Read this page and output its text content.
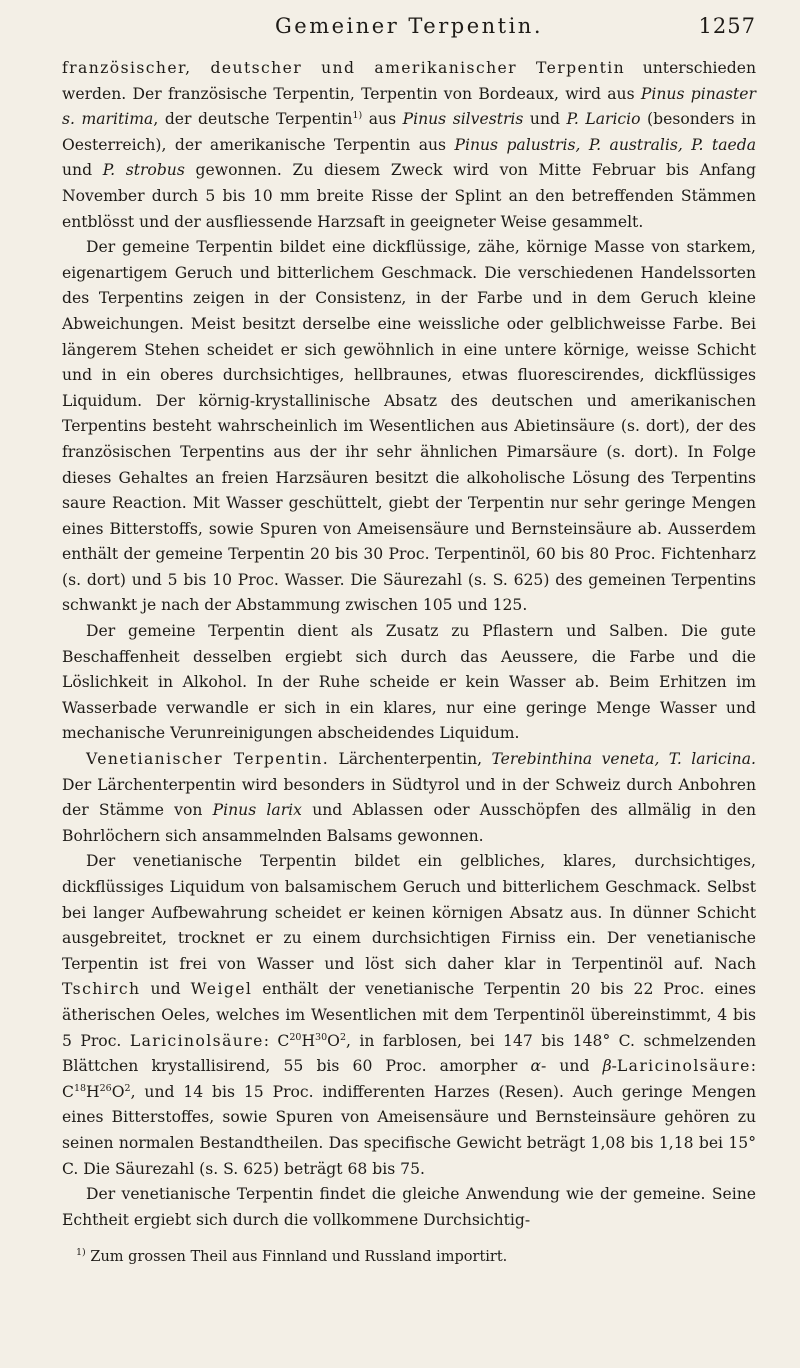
Gemeiner Terpentin.	1257

französischer, deutscher und amerikanischer Terpentin unterschieden werden. Der französische Terpentin, Terpentin von Bordeaux, wird aus Pinus pinaster s. maritima, der deutsche Terpentin$^{1)}$ aus Pinus silvestris und P. Laricio (besonders in Oesterreich), der amerikanische Terpentin aus Pinus palustris, P. australis, P. taeda und P. strobus gewonnen. Zu diesem Zweck wird von Mitte Februar bis Anfang November durch 5 bis 10 mm breite Risse der Splint an den betreffenden Stämmen entblösst und der ausfliessende Harzsaft in geeigneter Weise gesammelt.

Der gemeine Terpentin bildet eine dickflüssige, zähe, körnige Masse von starkem, eigenartigem Geruch und bitterlichem Geschmack. Die verschiedenen Handelssorten des Terpentins zeigen in der Consistenz, in der Farbe und in dem Geruch kleine Abweichungen. Meist besitzt derselbe eine weissliche oder gelblichweisse Farbe. Bei längerem Stehen scheidet er sich gewöhnlich in eine untere körnige, weisse Schicht und in ein oberes durchsichtiges, hellbraunes, etwas fluorescirendes, dickflüssiges Liquidum. Der körnig-krystallinische Absatz des deutschen und amerikanischen Terpentins besteht wahrscheinlich im Wesentlichen aus Abietinsäure (s. dort), der des französischen Terpentins aus der ihr sehr ähnlichen Pimarsäure (s. dort). In Folge dieses Gehaltes an freien Harzsäuren besitzt die alkoholische Lösung des Terpentins saure Reaction. Mit Wasser geschüttelt, giebt der Terpentin nur sehr geringe Mengen eines Bitterstoffs, sowie Spuren von Ameisensäure und Bernsteinsäure ab. Ausserdem enthält der gemeine Terpentin 20 bis 30 Proc. Terpentinöl, 60 bis 80 Proc. Fichtenharz (s. dort) und 5 bis 10 Proc. Wasser. Die Säurezahl (s. S. 625) des gemeinen Terpentins schwankt je nach der Abstammung zwischen 105 und 125.

Der gemeine Terpentin dient als Zusatz zu Pflastern und Salben. Die gute Beschaffenheit desselben ergiebt sich durch das Aeussere, die Farbe und die Löslichkeit in Alkohol. In der Ruhe scheide er kein Wasser ab. Beim Erhitzen im Wasserbade verwandle er sich in ein klares, nur eine geringe Menge Wasser und mechanische Verunreinigungen abscheidendes Liquidum.

Venetianischer Terpentin. Lärchenterpentin, Terebinthina veneta, T. laricina. Der Lärchenterpentin wird besonders in Südtyrol und in der Schweiz durch Anbohren der Stämme von Pinus larix und Ablassen oder Ausschöpfen des allmälig in den Bohrlöchern sich ansammelnden Balsams gewonnen.

Der venetianische Terpentin bildet ein gelbliches, klares, durchsichtiges, dickflüssiges Liquidum von balsamischem Geruch und bitterlichem Geschmack. Selbst bei langer Aufbewahrung scheidet er keinen körnigen Absatz aus. In dünner Schicht ausgebreitet, trocknet er zu einem durchsichtigen Firniss ein. Der venetianische Terpentin ist frei von Wasser und löst sich daher klar in Terpentinöl auf. Nach Tschirch und Weigel enthält der venetianische Terpentin 20 bis 22 Proc. eines ätherischen Oeles, welches im Wesentlichen mit dem Terpentinöl übereinstimmt, 4 bis 5 Proc. Laricinolsäure: $C^{20}H^{30}O^2$, in farblosen, bei 147 bis 148° C. schmelzenden Blättchen krystallisirend, 55 bis 60 Proc. amorpher α- und β-Laricinolsäure: $C^{18}H^{26}O^2$, und 14 bis 15 Proc. indifferenten Harzes (Resen). Auch geringe Mengen eines Bitterstoffes, sowie Spuren von Ameisensäure und Bernsteinsäure gehören zu seinen normalen Bestandtheilen. Das specifische Gewicht beträgt 1,08 bis 1,18 bei 15° C. Die Säurezahl (s. S. 625) beträgt 68 bis 75.

Der venetianische Terpentin findet die gleiche Anwendung wie der gemeine. Seine Echtheit ergiebt sich durch die vollkommene Durchsichtig-

$^{1)}$ Zum grossen Theil aus Finnland und Russland importirt.
